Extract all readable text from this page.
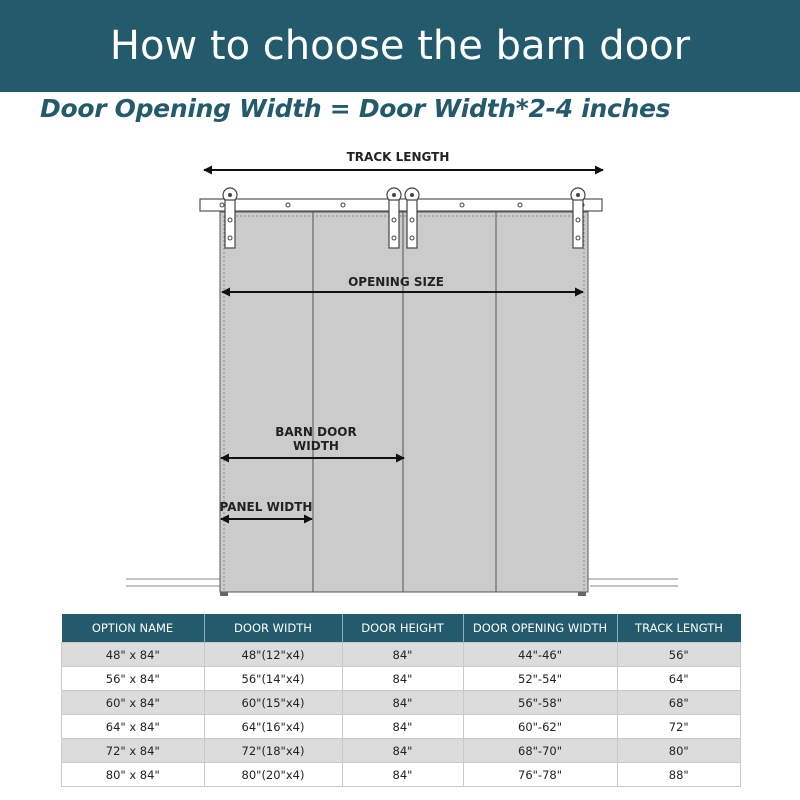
How to choose the barn door
Door Opening Width = Door Width*2-4 inches
TRACK LENGTH
OPENING SIZE
BARN DOOR
WIDTH
PANEL WIDTH
OPTION NAME	DOOR WIDTH	DOOR HEIGHT	DOOR OPENING WIDTH	TRACK LENGTH
48" x 84"	48"(12"x4)	84"	44"-46"	56"
56" x 84"	56"(14"x4)	84"	52"-54"	64"
60" x 84"	60"(15"x4)	84"	56"-58"	68"
64" x 84"	64"(16"x4)	84"	60"-62"	72"
72" x 84"	72"(18"x4)	84"	68"-70"	80"
80" x 84"	80"(20"x4)	84"	76"-78"	88"
